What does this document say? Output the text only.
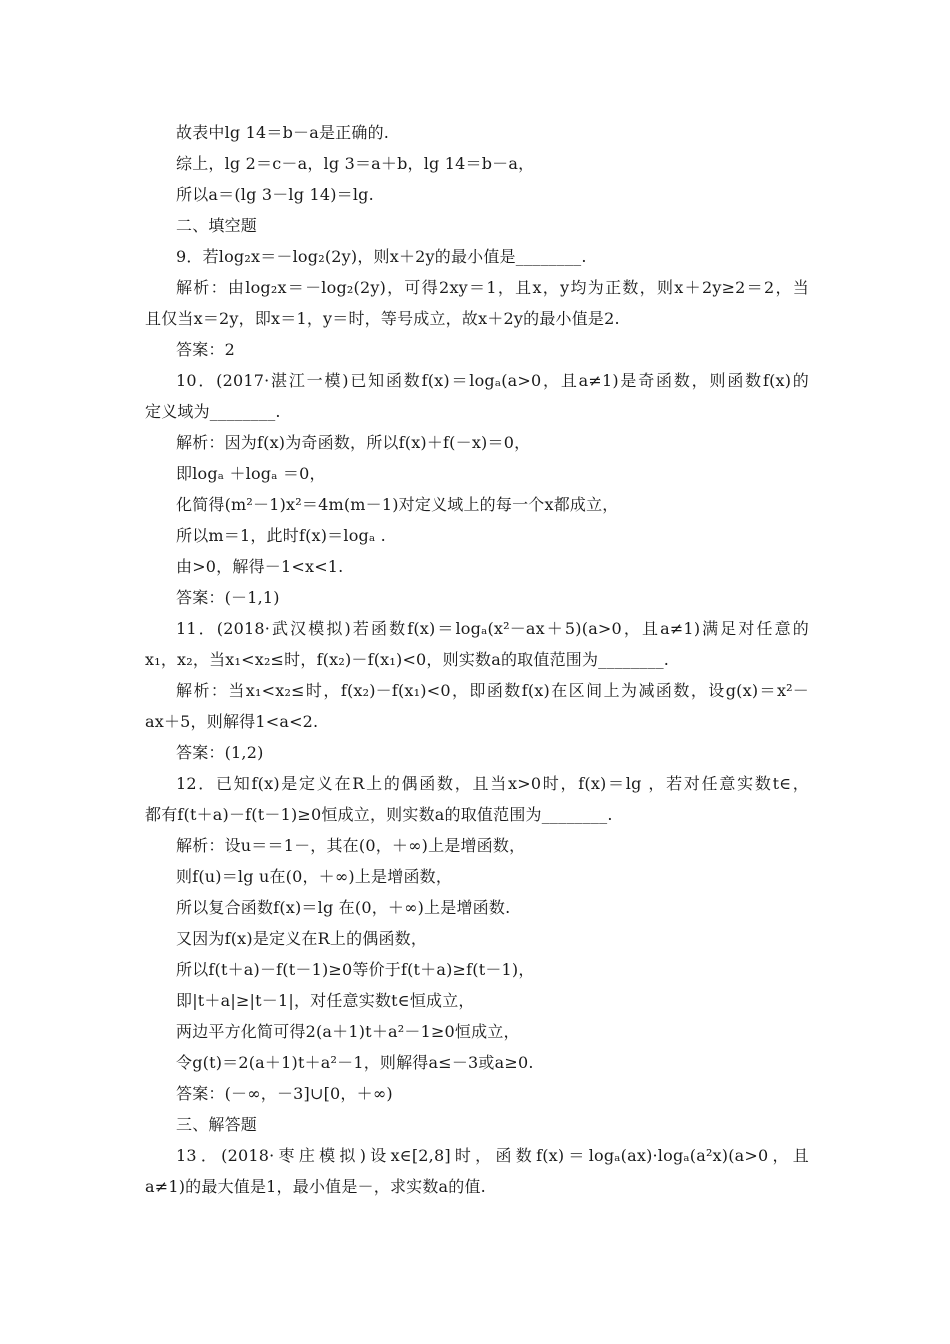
故表中lg 14＝b－a是正确的.
综上，lg 2＝c－a，lg 3＝a＋b，lg 14＝b－a，
所以a＝(lg 3－lg 14)＝lg.
二、填空题
9．若log₂x＝－log₂(2y)，则x＋2y的最小值是________.
解析：由log₂x＝－log₂(2y)，可得2xy＝1，且x，y均为正数，则x＋2y≥2＝2，当
且仅当x＝2y，即x＝1，y＝时，等号成立，故x＋2y的最小值是2.
答案：2
10．(2017·湛江一模)已知函数f(x)＝logₐ(a>0，且a≠1)是奇函数，则函数f(x)的
定义域为________.
解析：因为f(x)为奇函数，所以f(x)＋f(－x)＝0，
即logₐ ＋logₐ ＝0，
化简得(m²－1)x²＝4m(m－1)对定义域上的每一个x都成立，
所以m＝1，此时f(x)＝logₐ .
由>0，解得－1<x<1.
答案：(－1,1)
11．(2018·武汉模拟)若函数f(x)＝logₐ(x²－ax＋5)(a>0，且a≠1)满足对任意的
x₁，x₂，当x₁<x₂≤时，f(x₂)－f(x₁)<0，则实数a的取值范围为________.
解析：当x₁<x₂≤时，f(x₂)－f(x₁)<0，即函数f(x)在区间上为减函数，设g(x)＝x²－
ax＋5，则解得1<a<2.
答案：(1,2)
12．已知f(x)是定义在R上的偶函数，且当x>0时，f(x)＝lg ，若对任意实数t∈，
都有f(t＋a)－f(t－1)≥0恒成立，则实数a的取值范围为________.
解析：设u＝＝1－，其在(0，＋∞)上是增函数，
则f(u)＝lg u在(0，＋∞)上是增函数，
所以复合函数f(x)＝lg 在(0，＋∞)上是增函数.
又因为f(x)是定义在R上的偶函数，
所以f(t＋a)－f(t－1)≥0等价于f(t＋a)≥f(t－1)，
即|t＋a|≥|t－1|，对任意实数t∈恒成立，
两边平方化简可得2(a＋1)t＋a²－1≥0恒成立，
令g(t)＝2(a＋1)t＋a²－1，则解得a≤－3或a≥0.
答案：(－∞，－3]∪[0，＋∞)
三、解答题
13．(2018·枣庄模拟)设x∈[2,8]时，函数f(x)＝logₐ(ax)·logₐ(a²x)(a>0，且
a≠1)的最大值是1，最小值是－，求实数a的值.
